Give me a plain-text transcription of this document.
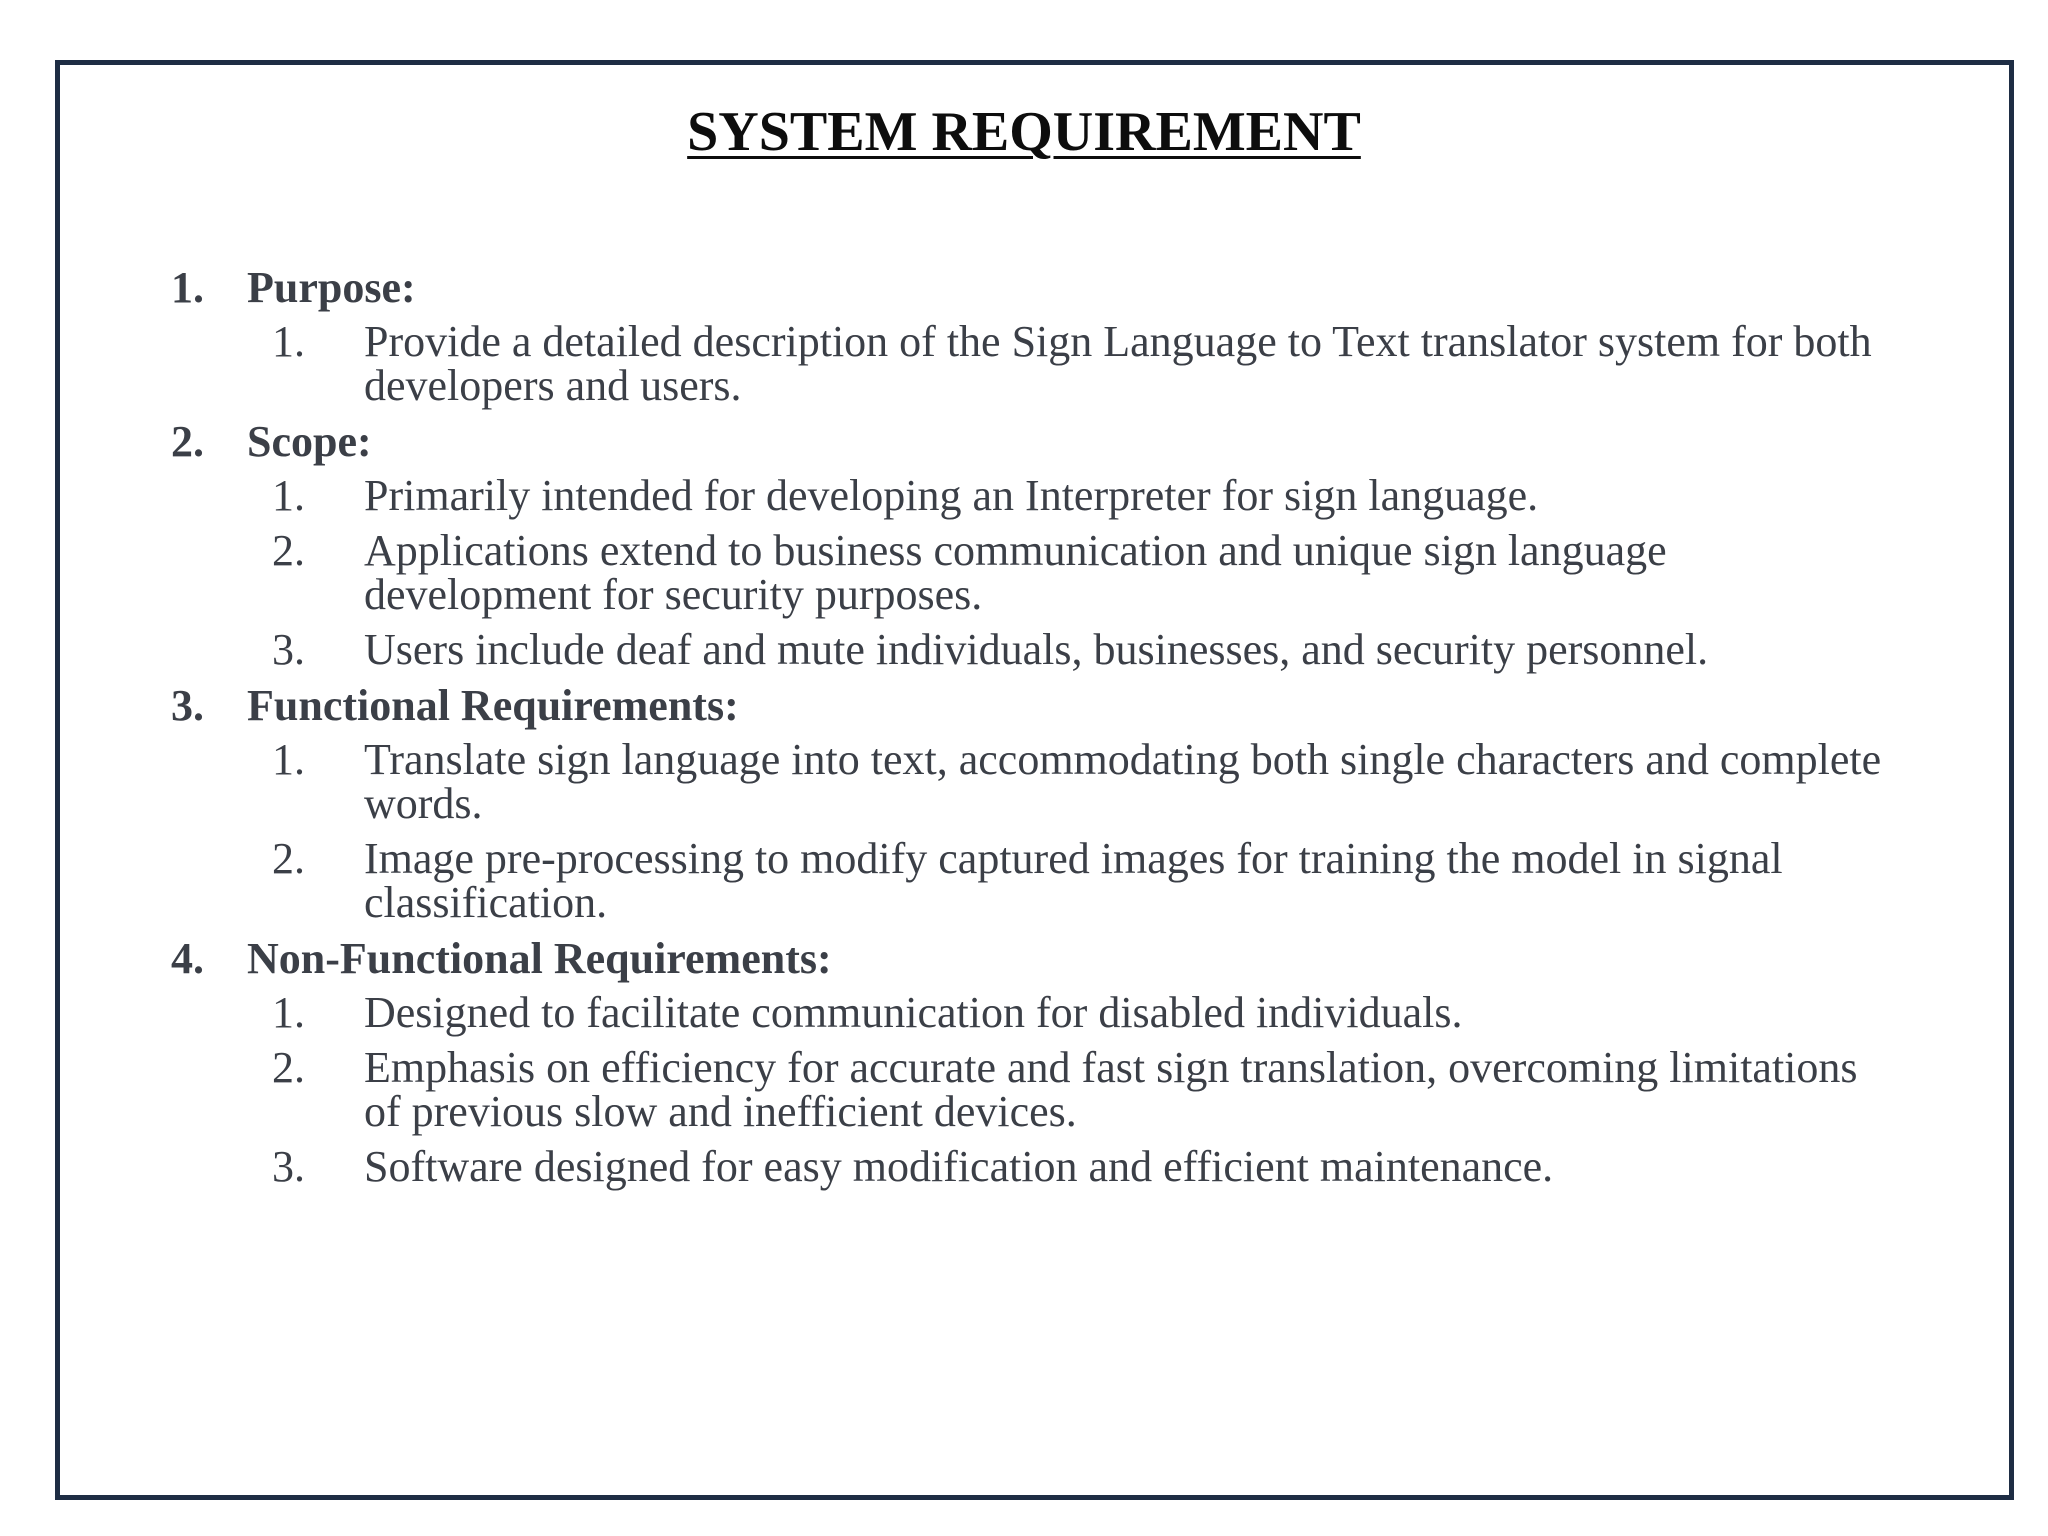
SYSTEM REQUIREMENT
1. Purpose:
1.	Provide a detailed description of the Sign Language to Text translator system for both developers and users.
2. Scope:
1.	Primarily intended for developing an Interpreter for sign language.
2.	Applications extend to business communication and unique sign language development for security purposes.
3.	Users include deaf and mute individuals, businesses, and security personnel.
3. Functional Requirements:
1.	Translate sign language into text, accommodating both single characters and complete words.
2.	Image pre-processing to modify captured images for training the model in signal classification.
4. Non-Functional Requirements:
1.	Designed to facilitate communication for disabled individuals.
2.	Emphasis on efficiency for accurate and fast sign translation, overcoming limitations of previous slow and inefficient devices.
3.	Software designed for easy modification and efficient maintenance.
